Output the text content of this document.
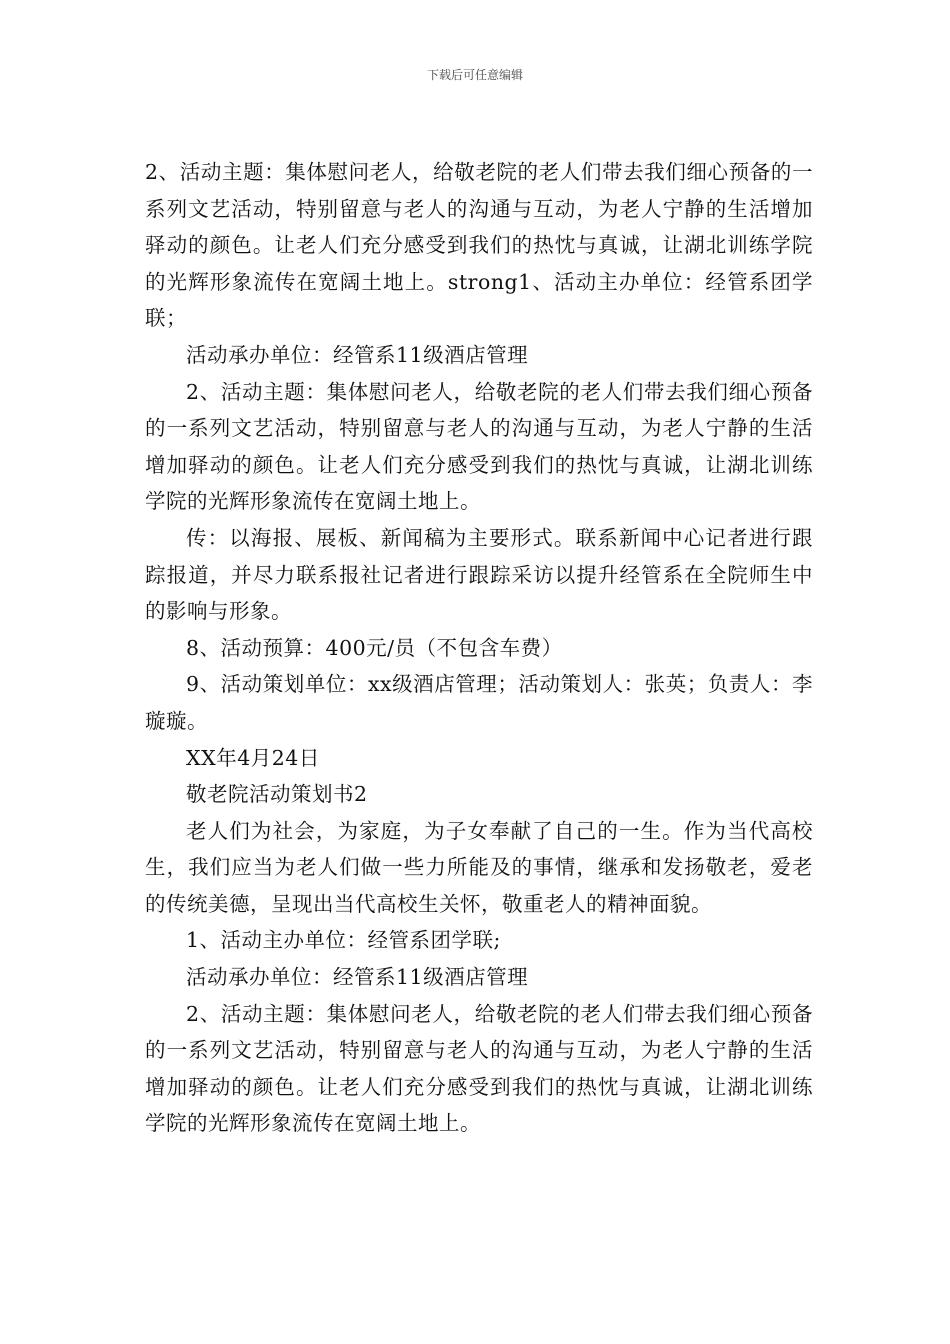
下载后可任意编辑

2、活动主题：集体慰问老人，给敬老院的老人们带去我们细心预备的一系列文艺活动，特别留意与老人的沟通与互动，为老人宁静的生活增加驿动的颜色。让老人们充分感受到我们的热忱与真诚，让湖北训练学院的光辉形象流传在宽阔土地上。strong1、活动主办单位：经管系团学联；

活动承办单位：经管系11级酒店管理

2、活动主题：集体慰问老人，给敬老院的老人们带去我们细心预备的一系列文艺活动，特别留意与老人的沟通与互动，为老人宁静的生活增加驿动的颜色。让老人们充分感受到我们的热忱与真诚，让湖北训练学院的光辉形象流传在宽阔土地上。

传：以海报、展板、新闻稿为主要形式。联系新闻中心记者进行跟踪报道，并尽力联系报社记者进行跟踪采访以提升经管系在全院师生中的影响与形象。

8、活动预算：400元/员（不包含车费）

9、活动策划单位：xx级酒店管理；活动策划人：张英；负责人：李璇璇。

XX年4月24日

敬老院活动策划书2

老人们为社会，为家庭，为子女奉献了自己的一生。作为当代高校生，我们应当为老人们做一些力所能及的事情，继承和发扬敬老，爱老的传统美德，呈现出当代高校生关怀，敬重老人的精神面貌。

1、活动主办单位：经管系团学联;

活动承办单位：经管系11级酒店管理

2、活动主题：集体慰问老人，给敬老院的老人们带去我们细心预备的一系列文艺活动，特别留意与老人的沟通与互动，为老人宁静的生活增加驿动的颜色。让老人们充分感受到我们的热忱与真诚，让湖北训练学院的光辉形象流传在宽阔土地上。
